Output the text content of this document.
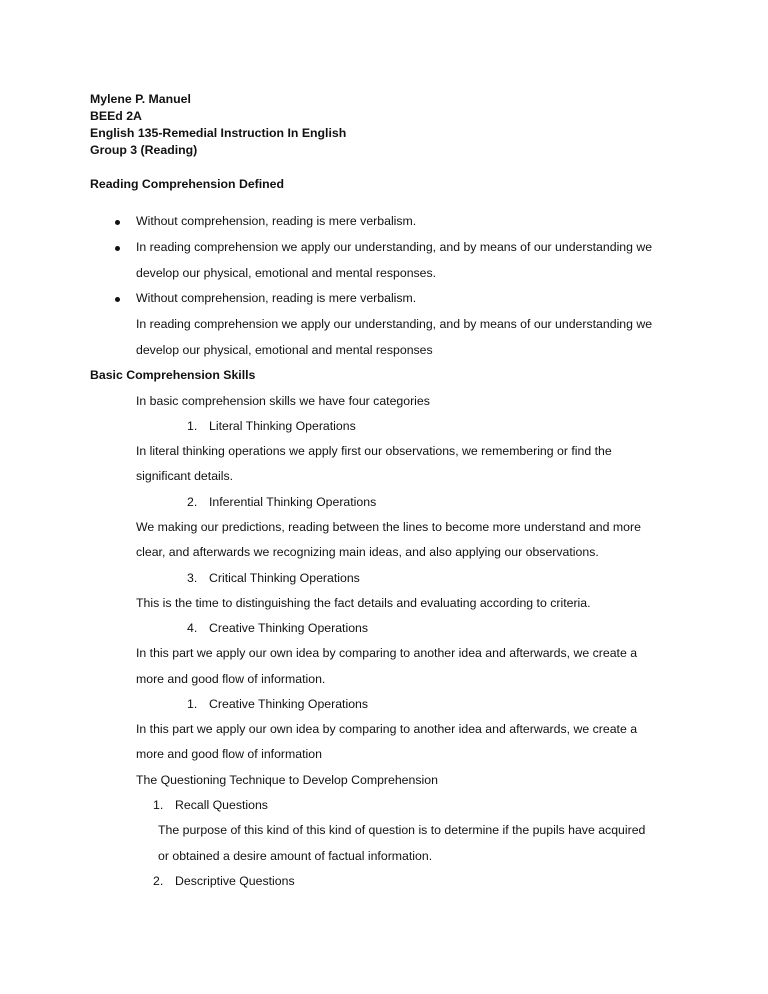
Mylene P. Manuel
BEEd 2A
English 135-Remedial Instruction In English
Group 3 (Reading)
Reading Comprehension Defined
Without comprehension, reading is mere verbalism.
In reading comprehension we apply our understanding, and by means of our understanding we
develop our physical, emotional and mental responses.
Without comprehension, reading is mere verbalism.
In reading comprehension we apply our understanding, and by means of our understanding we
develop our physical, emotional and mental responses
Basic Comprehension Skills
In basic comprehension skills we have four categories
1. Literal Thinking Operations
In literal thinking operations we apply first our observations, we remembering or find the
significant details.
2. Inferential Thinking Operations
We making our predictions, reading between the lines to become more understand and more
clear, and afterwards we recognizing main ideas, and also applying our observations.
3. Critical Thinking Operations
This is the time to distinguishing the fact details and evaluating according to criteria.
4. Creative Thinking Operations
In this part we apply our own idea by comparing to another idea and afterwards, we create a
more and good flow of information.
1. Creative Thinking Operations
In this part we apply our own idea by comparing to another idea and afterwards, we create a
more and good flow of information
The Questioning Technique to Develop Comprehension
1. Recall Questions
The purpose of this kind of this kind of question is to determine if the pupils have acquired
or obtained a desire amount of factual information.
2. Descriptive Questions
